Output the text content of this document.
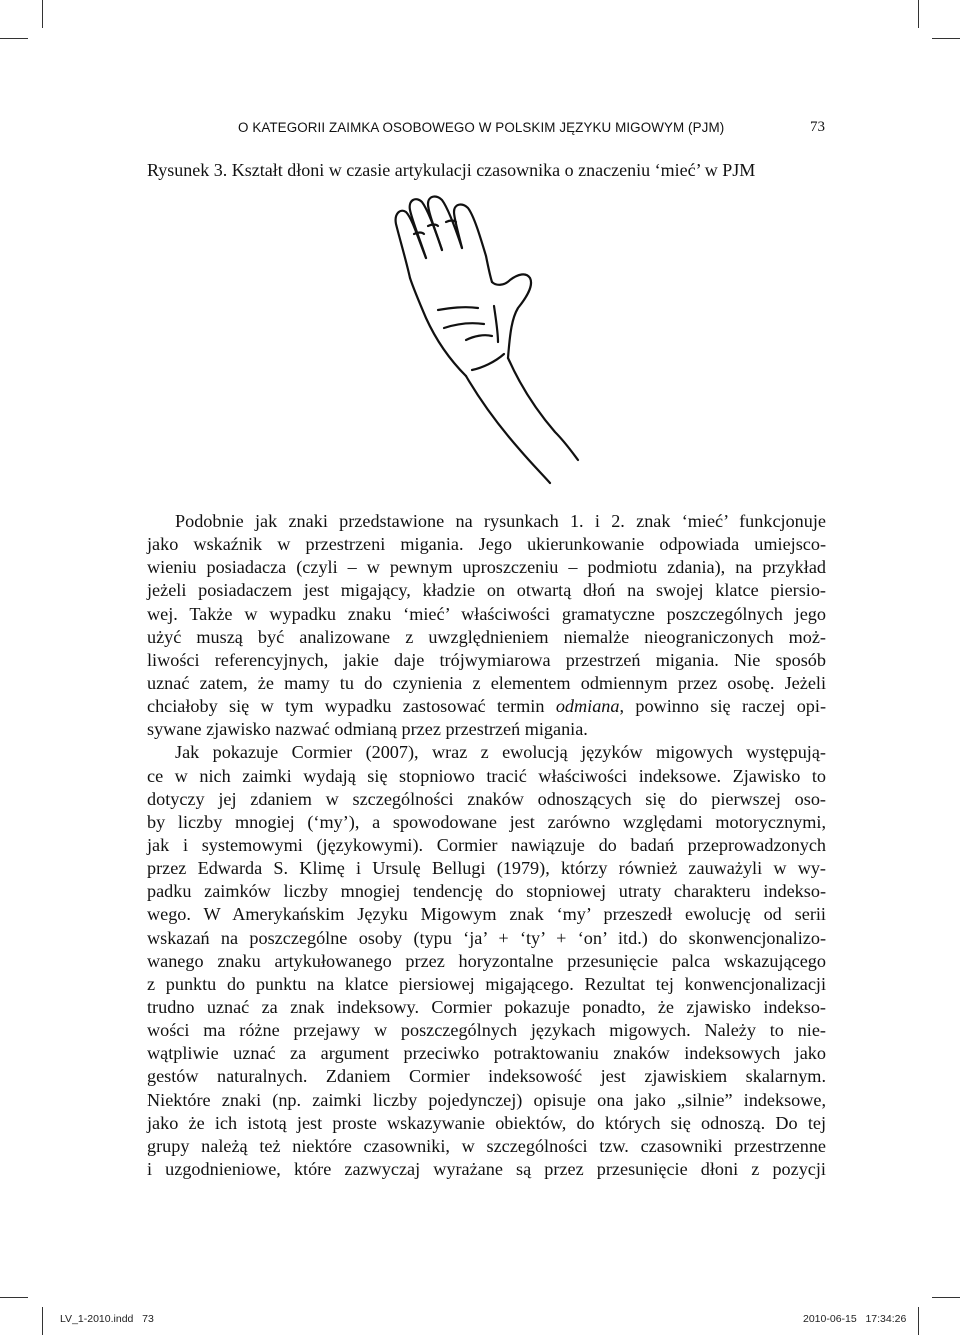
O KATEGORII ZAIMKA OSOBOWEGO W POLSKIM JĘZYKU MIGOWYM (PJM)	73
Rysunek 3. Kształt dłoni w czasie artykulacji czasownika o znaczeniu ‘mieć’ w PJM
Podobnie jak znaki przedstawione na rysunkach 1. i 2. znak ‘mieć’ funkcjonuje
jako wskaźnik w przestrzeni migania. Jego ukierunkowanie odpowiada umiejsco-
wieniu posiadacza (czyli – w pewnym uproszczeniu – podmiotu zdania), na przykład
jeżeli posiadaczem jest migający, kładzie on otwartą dłoń na swojej klatce piersio-
wej. Także w wypadku znaku ‘mieć’ właściwości gramatyczne poszczególnych jego
użyć muszą być analizowane z uwzględnieniem niemalże nieograniczonych moż-
liwości referencyjnych, jakie daje trójwymiarowa przestrzeń migania. Nie sposób
uznać zatem, że mamy tu do czynienia z elementem odmiennym przez osobę. Jeżeli
chciałoby się w tym wypadku zastosować termin odmiana, powinno się raczej opi-
sywane zjawisko nazwać odmianą przez przestrzeń migania.
Jak pokazuje Cormier (2007), wraz z ewolucją języków migowych występują-
ce w nich zaimki wydają się stopniowo tracić właściwości indeksowe. Zjawisko to
dotyczy jej zdaniem w szczególności znaków odnoszących się do pierwszej oso-
by liczby mnogiej (‘my’), a spowodowane jest zarówno względami motorycznymi,
jak i systemowymi (językowymi). Cormier nawiązuje do badań przeprowadzonych
przez Edwarda S. Klimę i Ursulę Bellugi (1979), którzy również zauważyli w wy-
padku zaimków liczby mnogiej tendencję do stopniowej utraty charakteru indekso-
wego. W Amerykańskim Języku Migowym znak ‘my’ przeszedł ewolucję od serii
wskazań na poszczególne osoby (typu ‘ja’ + ‘ty’ + ‘on’ itd.) do skonwencjonalizo-
wanego znaku artykułowanego przez horyzontalne przesunięcie palca wskazującego
z punktu do punktu na klatce piersiowej migającego. Rezultat tej konwencjonalizacji
trudno uznać za znak indeksowy. Cormier pokazuje ponadto, że zjawisko indekso-
wości ma różne przejawy w poszczególnych językach migowych. Należy to nie-
wątpliwie uznać za argument przeciwko potraktowaniu znaków indeksowych jako
gestów naturalnych. Zdaniem Cormier indeksowość jest zjawiskiem skalarnym.
Niektóre znaki (np. zaimki liczby pojedynczej) opisuje ona jako „silnie” indeksowe,
jako że ich istotą jest proste wskazywanie obiektów, do których się odnoszą. Do tej
grupy należą też niektóre czasowniki, w szczególności tzw. czasowniki przestrzenne
i uzgodnieniowe, które zazwyczaj wyrażane są przez przesunięcie dłoni z pozycji
LV_1-2010.indd   73	2010-06-15   17:34:26
